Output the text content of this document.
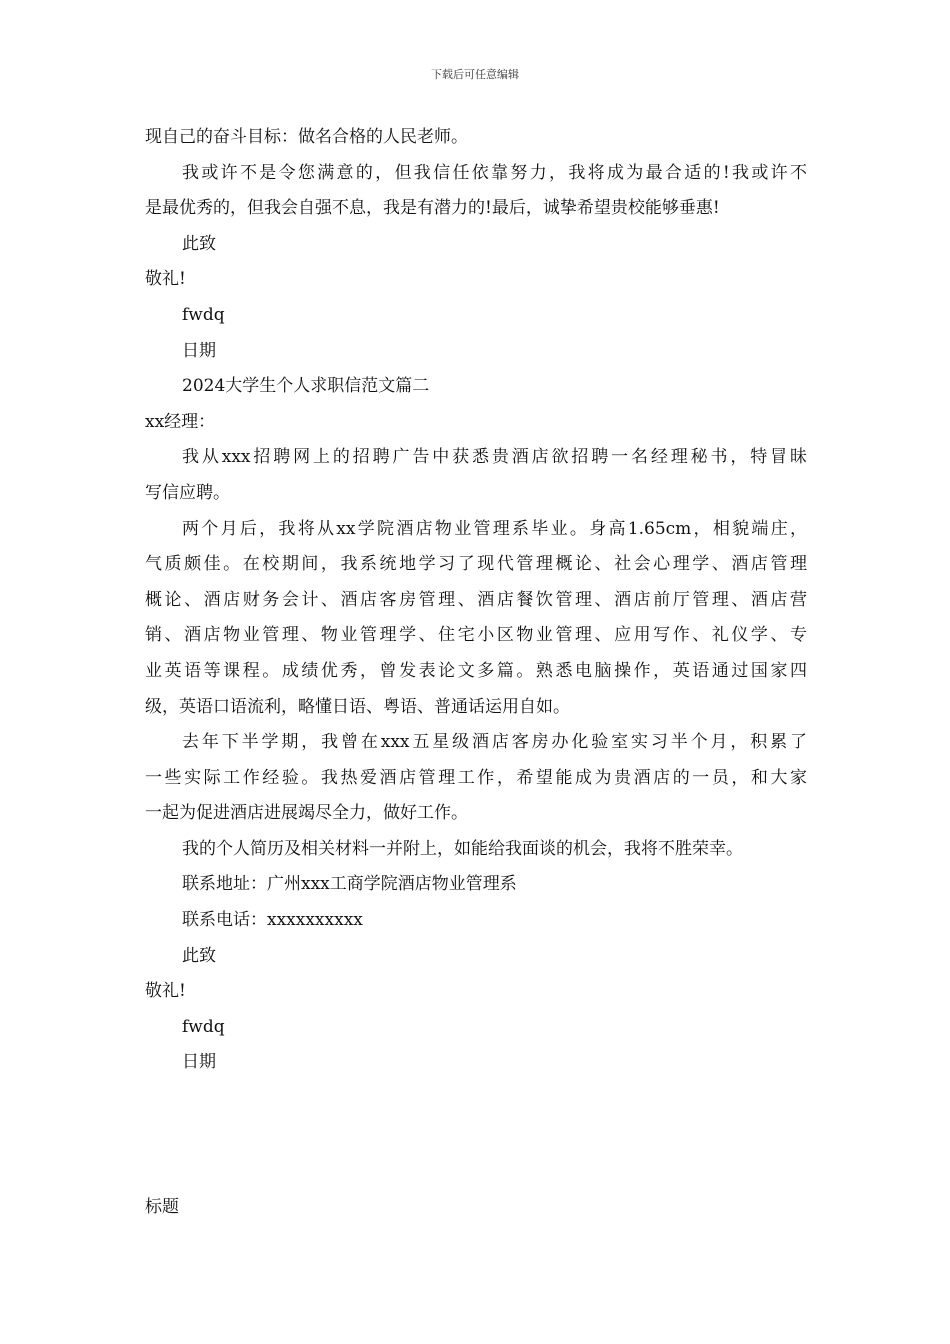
下载后可任意编辑
现自己的奋斗目标：做名合格的人民老师。
我或许不是令您满意的，但我信任依靠努力，我将成为最合适的!我或许不
是最优秀的，但我会自强不息，我是有潜力的!最后，诚挚希望贵校能够垂惠!
此致
敬礼!
fwdq
日期
2024大学生个人求职信范文篇二
xx经理：
我从xxx招聘网上的招聘广告中获悉贵酒店欲招聘一名经理秘书，特冒昧
写信应聘。
两个月后，我将从xx学院酒店物业管理系毕业。身高1.65cm，相貌端庄，
气质颇佳。在校期间，我系统地学习了现代管理概论、社会心理学、酒店管理
概论、酒店财务会计、酒店客房管理、酒店餐饮管理、酒店前厅管理、酒店营
销、酒店物业管理、物业管理学、住宅小区物业管理、应用写作、礼仪学、专
业英语等课程。成绩优秀，曾发表论文多篇。熟悉电脑操作，英语通过国家四
级，英语口语流利，略懂日语、粤语、普通话运用自如。
去年下半学期，我曾在xxx五星级酒店客房办化验室实习半个月，积累了
一些实际工作经验。我热爱酒店管理工作，希望能成为贵酒店的一员，和大家
一起为促进酒店进展竭尽全力，做好工作。
我的个人简历及相关材料一并附上，如能给我面谈的机会，我将不胜荣幸。
联系地址：广州xxx工商学院酒店物业管理系
联系电话：xxxxxxxxxx
此致
敬礼!
fwdq
日期
标题
